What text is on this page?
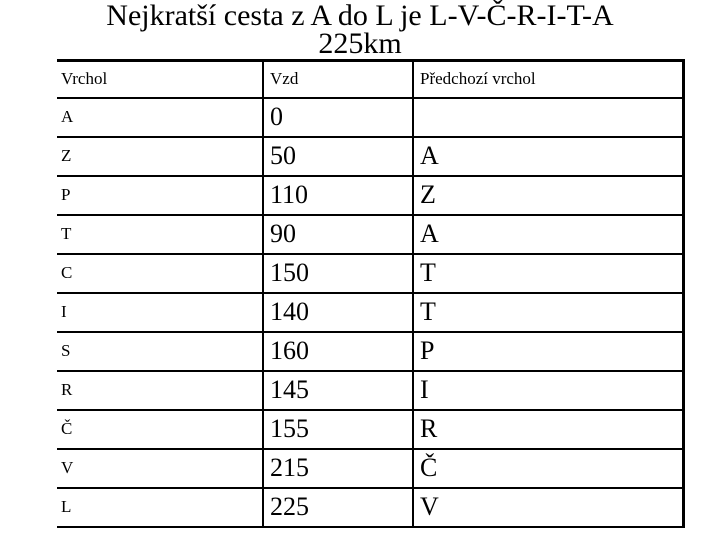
Nejkratší cesta z A do L je L-V-Č-R-I-T-A
225km
Vrchol	Vzd	Předchozí vrchol
A	0	
Z	50	A
P	110	Z
T	90	A
C	150	T
I	140	T
S	160	P
R	145	I
Č	155	R
V	215	Č
L	225	V
